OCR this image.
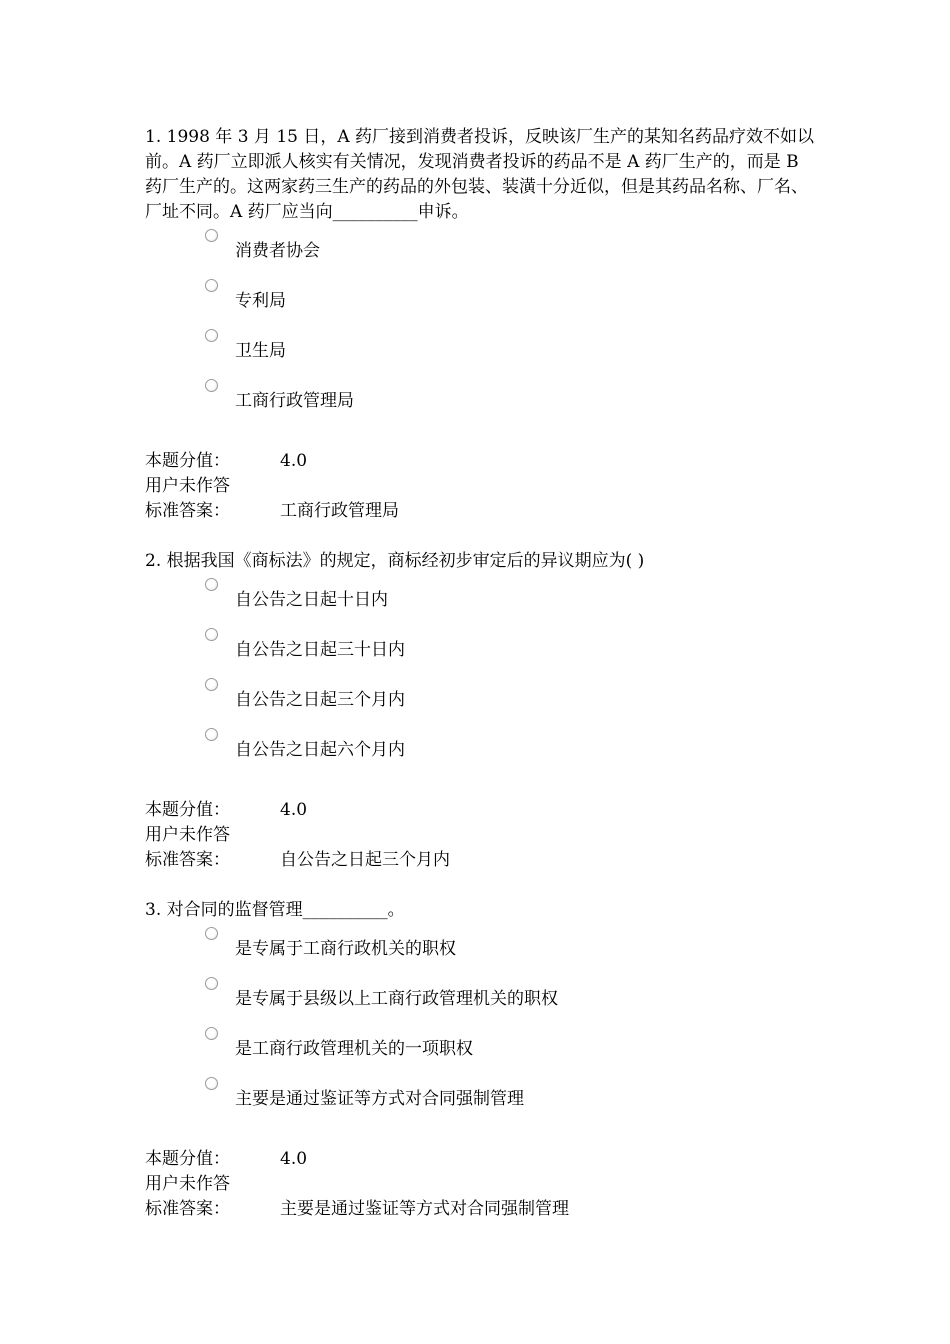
1. 1998 年 3 月 15 日，A 药厂接到消费者投诉，反映该厂生产的某知名药品疗效不如以前。A 药厂立即派人核实有关情况，发现消费者投诉的药品不是 A 药厂生产的，而是 B 药厂生产的。这两家药三生产的药品的外包装、装潢十分近似，但是其药品名称、厂名、厂址不同。A 药厂应当向__________申诉。

消费者协会
专利局
卫生局
工商行政管理局
本题分值：	4.0
用户未作答
标准答案：	工商行政管理局

2. 根据我国《商标法》的规定，商标经初步审定后的异议期应为( )

自公告之日起十日内
自公告之日起三十日内
自公告之日起三个月内
自公告之日起六个月内
本题分值：	4.0
用户未作答
标准答案：	自公告之日起三个月内

3. 对合同的监督管理__________。

是专属于工商行政机关的职权
是专属于县级以上工商行政管理机关的职权
是工商行政管理机关的一项职权
主要是通过鉴证等方式对合同强制管理
本题分值：	4.0
用户未作答
标准答案：	主要是通过鉴证等方式对合同强制管理
